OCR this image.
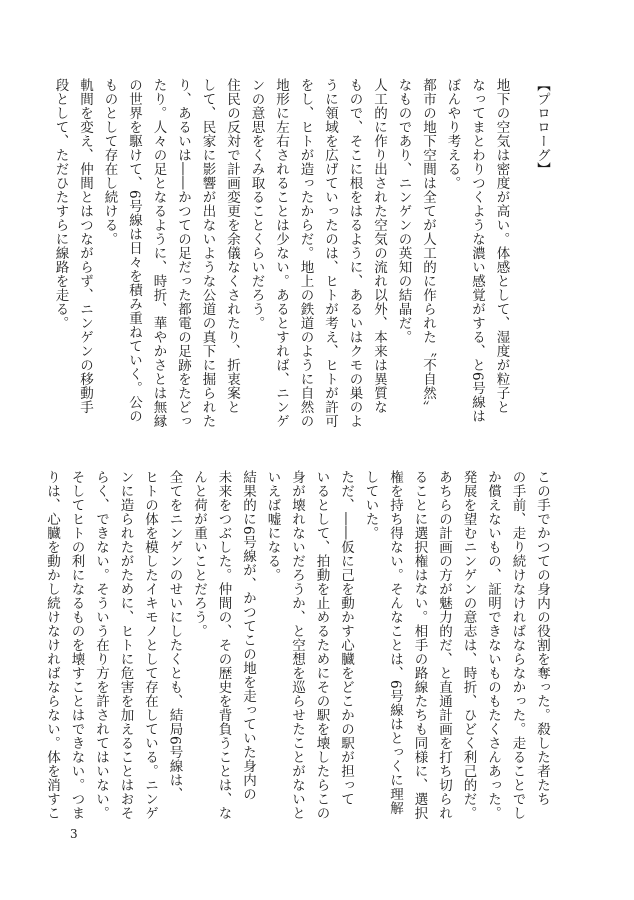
【プロローグ】
地下の空気は密度が高い。体感として、湿度が粒子と
なってまとわりつくような濃い感覚がする、と6号線は
ぼんやり考える。
都市の地下空間は全てが人工的に作られた〝不自然〟
なものであり、ニンゲンの英知の結晶だ。
人工的に作り出された空気の流れ以外、本来は異質な
もので、そこに根をはるように、あるいはクモの巣のよ
うに領域を広げていったのは、ヒトが考え、ヒトが許可
をし、ヒトが造ったからだ。地上の鉄道のように自然の
地形に左右されることは少ない。あるとすれば、ニンゲ
ンの意思をくみ取ることくらいだろう。
住民の反対で計画変更を余儀なくされたり、折衷案と
して、民家に影響が出ないような公道の真下に掘られた
り、あるいは――かつての足だった都電の足跡をたどっ
たり。人々の足となるように、時折、華やかさとは無縁
の世界を駆けて、6号線は日々を積み重ねていく。公の
ものとして存在し続ける。
軌間を変え、仲間とはつながらず、ニンゲンの移動手
段として、ただひたすらに線路を走る。
この手でかつての身内の役割を奪った。殺した者たち
の手前、走り続けなければならなかった。走ることでし
か償えないもの、証明できないものもたくさんあった。
発展を望むニンゲンの意志は、時折、ひどく利己的だ。
あちらの計画の方が魅力的だ、と直通計画を打ち切られ
ることに選択権はない。相手の路線たちも同様に、選択
権を持ち得ない。そんなことは、6号線はとっくに理解
していた。
ただ、――仮に己を動かす心臓をどこかの駅が担って
いるとして、拍動を止めるためにその駅を壊したらこの
身が壊れないだろうか、と空想を巡らせたことがないと
いえば嘘になる。
結果的に6号線が、かつてこの地を走っていた身内の
未来をつぶした。仲間の、その歴史を背負うことは、な
んと荷が重いことだろう。
全てをニンゲンのせいにしたくとも、結局6号線は、
ヒトの体を模したイキモノとして存在している。ニンゲ
ンに造られたがために、ヒトに危害を加えることはおそ
らく、できない。そういう在り方を許されてはいない。
そしてヒトの利になるものを壊すことはできない。つま
りは、心臓を動かし続けなければならない。体を消すこ
3
